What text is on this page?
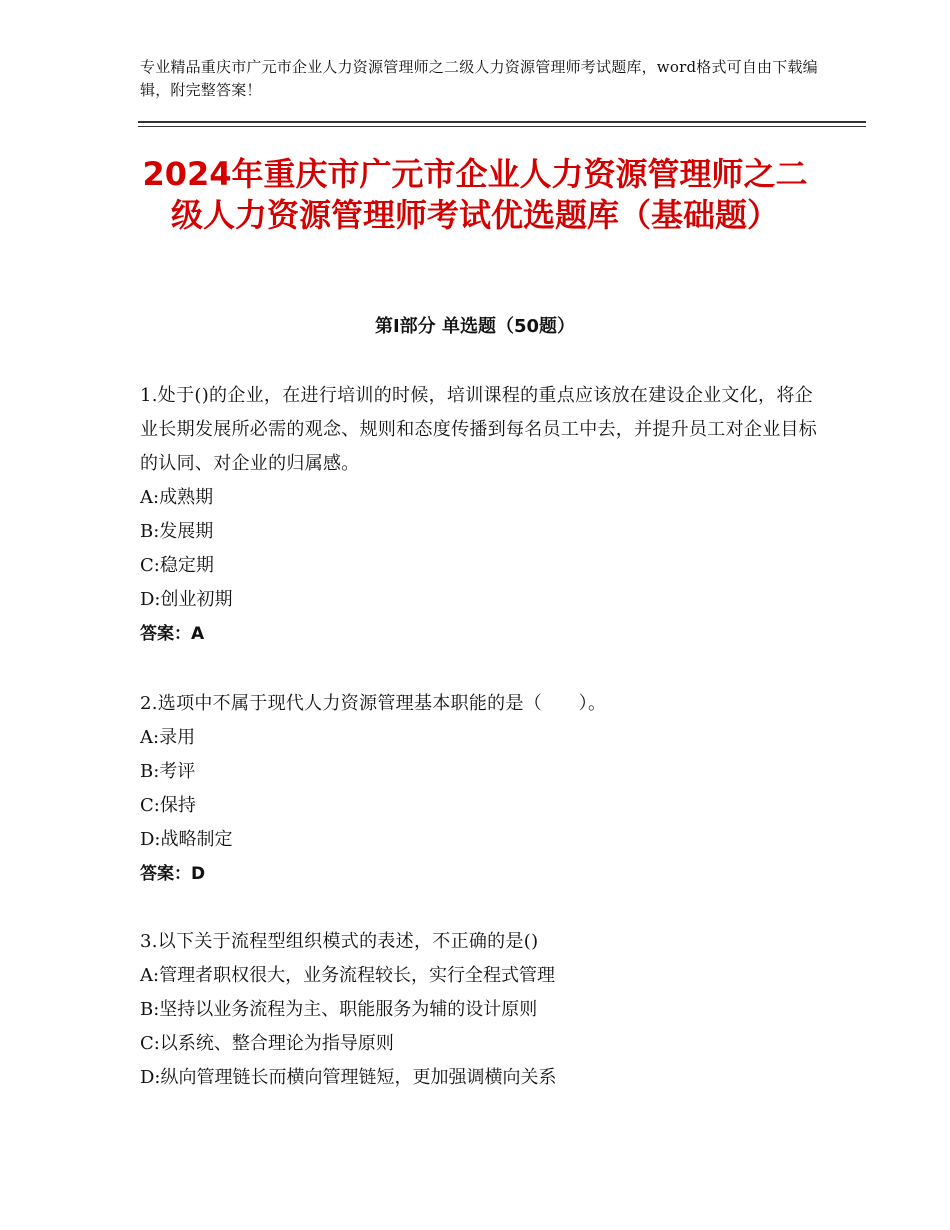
专业精品重庆市广元市企业人力资源管理师之二级人力资源管理师考试题库，word格式可自由下载编辑，附完整答案！
2024年重庆市广元市企业人力资源管理师之二级人力资源管理师考试优选题库（基础题）
第Ⅰ部分 单选题（50题）
1.处于()的企业，在进行培训的时候，培训课程的重点应该放在建设企业文化，将企业长期发展所必需的观念、规则和态度传播到每名员工中去，并提升员工对企业目标的认同、对企业的归属感。
A:成熟期
B:发展期
C:稳定期
D:创业初期
答案：A
2.选项中不属于现代人力资源管理基本职能的是（　　）。
A:录用
B:考评
C:保持
D:战略制定
答案：D
3.以下关于流程型组织模式的表述，不正确的是()
A:管理者职权很大，业务流程较长，实行全程式管理
B:坚持以业务流程为主、职能服务为辅的设计原则
C:以系统、整合理论为指导原则
D:纵向管理链长而横向管理链短，更加强调横向关系
